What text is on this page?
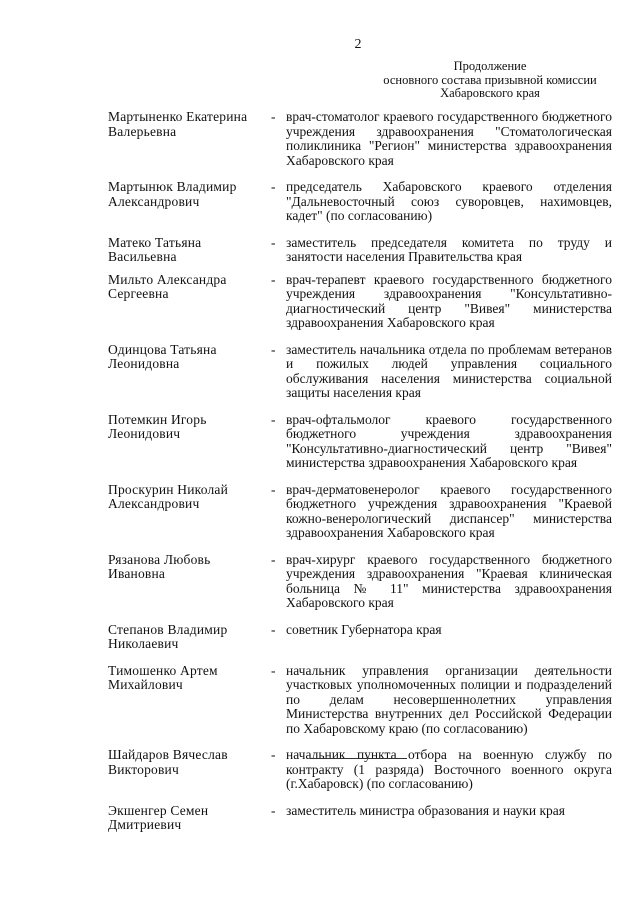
2
Продолжение
основного состава призывной комиссии
Хабаровского края
Мартыненко Екатерина
Валерьевна
- врач-стоматолог краевого государственного бюджетного учреждения здравоохранения "Стоматологическая поликлиника "Регион" министерства здравоохранения Хабаровского края
Мартынюк Владимир
Александрович
- председатель Хабаровского краевого отделения "Дальневосточный союз суворовцев, нахимовцев, кадет" (по согласованию)
Матеко Татьяна
Васильевна
- заместитель председателя комитета по труду и занятости населения Правительства края
Мильто Александра
Сергеевна
- врач-терапевт краевого государственного бюджетного учреждения здравоохранения "Консультативно-диагностический центр "Вивея" министерства здравоохранения Хабаровского края
Одинцова Татьяна
Леонидовна
- заместитель начальника отдела по проблемам ветеранов и пожилых людей управления социального обслуживания населения министерства социальной защиты населения края
Потемкин Игорь
Леонидович
- врач-офтальмолог краевого государственного бюджетного учреждения здравоохранения "Консультативно-диагностический центр "Вивея" министерства здравоохранения Хабаровского края
Проскурин Николай
Александрович
- врач-дерматовенеролог краевого государственного бюджетного учреждения здравоохранения "Краевой кожно-венерологический диспансер" министерства здравоохранения Хабаровского края
Рязанова Любовь
Ивановна
- врач-хирург краевого государственного бюджетного учреждения здравоохранения "Краевая клиническая больница № 11" министерства здравоохранения Хабаровского края
Степанов Владимир
Николаевич
- советник Губернатора края
Тимошенко Артем
Михайлович
- начальник управления организации деятельности участковых уполномоченных полиции и подразделений по делам несовершеннолетних управления Министерства внутренних дел Российской Федерации по Хабаровскому краю (по согласованию)
Шайдаров Вячеслав
Викторович
- начальник пункта отбора на военную службу по контракту (1 разряда) Восточного военного округа (г.Хабаровск) (по согласованию)
Экшенгер Семен
Дмитриевич
- заместитель министра образования и науки края
